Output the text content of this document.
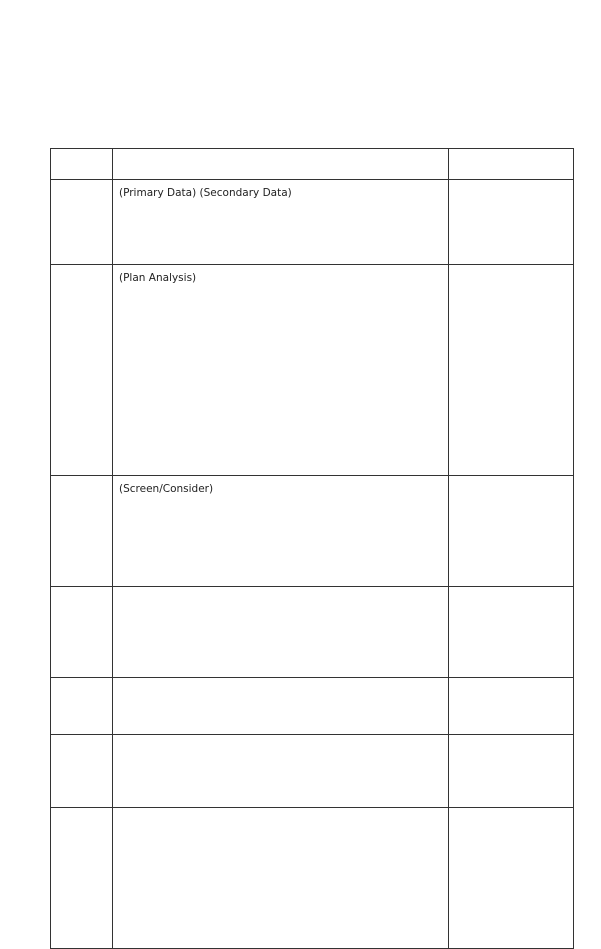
	(Primary Data) (Secondary Data)	

	(Plan Analysis)	

	(Screen/Consider)	
